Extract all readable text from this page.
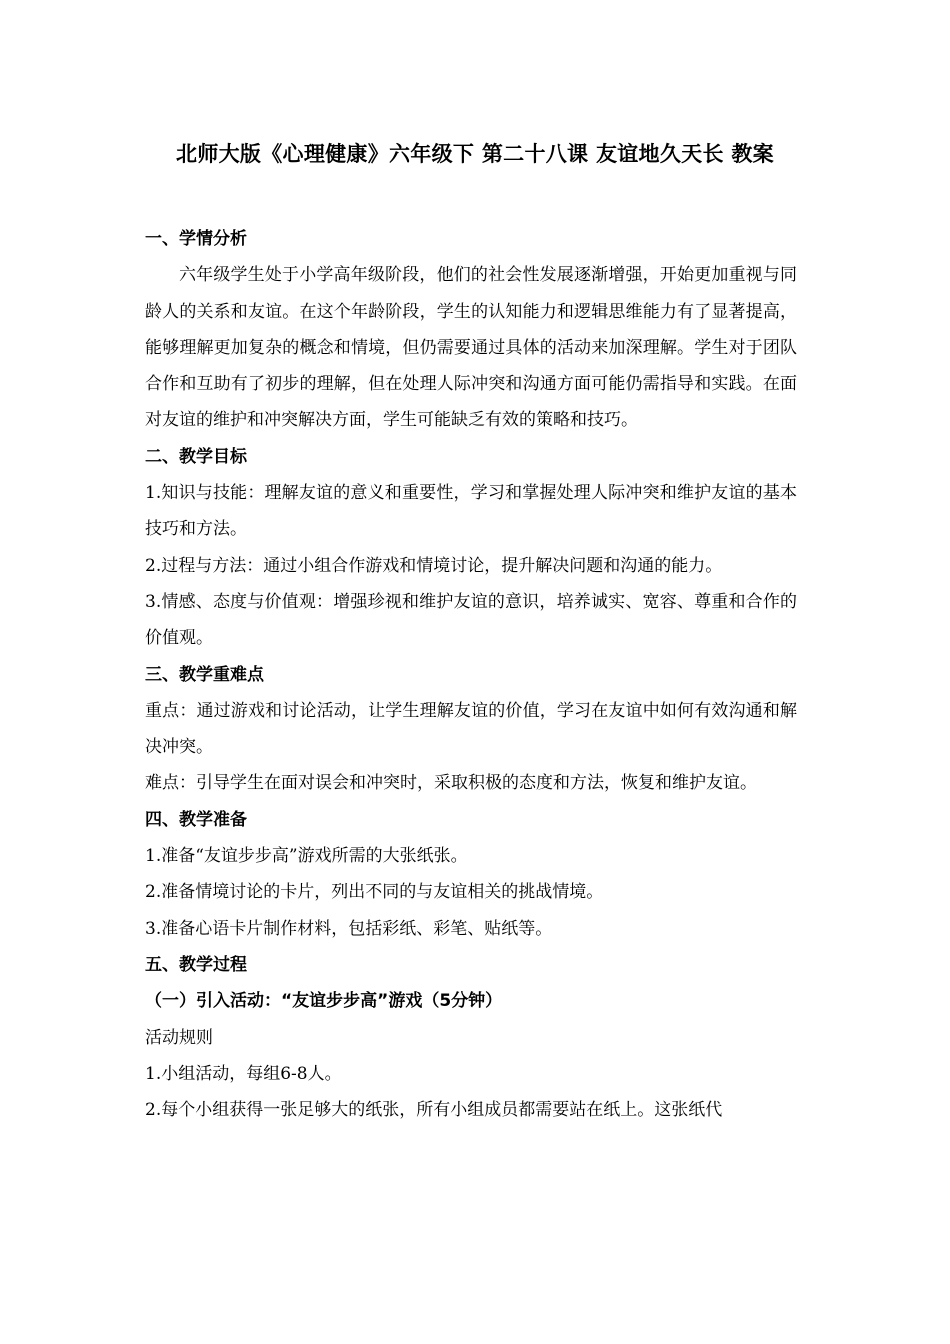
北师大版《心理健康》六年级下 第二十八课 友谊地久天长 教案

一、学情分析

六年级学生处于小学高年级阶段，他们的社会性发展逐渐增强，开始更加重视与同龄人的关系和友谊。在这个年龄阶段，学生的认知能力和逻辑思维能力有了显著提高，能够理解更加复杂的概念和情境，但仍需要通过具体的活动来加深理解。学生对于团队合作和互助有了初步的理解，但在处理人际冲突和沟通方面可能仍需指导和实践。在面对友谊的维护和冲突解决方面，学生可能缺乏有效的策略和技巧。

二、教学目标

1.知识与技能：理解友谊的意义和重要性，学习和掌握处理人际冲突和维护友谊的基本技巧和方法。

2.过程与方法：通过小组合作游戏和情境讨论，提升解决问题和沟通的能力。

3.情感、态度与价值观：增强珍视和维护友谊的意识，培养诚实、宽容、尊重和合作的价值观。

三、教学重难点

重点：通过游戏和讨论活动，让学生理解友谊的价值，学习在友谊中如何有效沟通和解决冲突。

难点：引导学生在面对误会和冲突时，采取积极的态度和方法，恢复和维护友谊。

四、教学准备

1.准备“友谊步步高”游戏所需的大张纸张。

2.准备情境讨论的卡片，列出不同的与友谊相关的挑战情境。

3.准备心语卡片制作材料，包括彩纸、彩笔、贴纸等。

五、教学过程

（一）引入活动：“友谊步步高”游戏（5分钟）

活动规则

1.小组活动，每组6-8人。

2.每个小组获得一张足够大的纸张，所有小组成员都需要站在纸上。这张纸代
